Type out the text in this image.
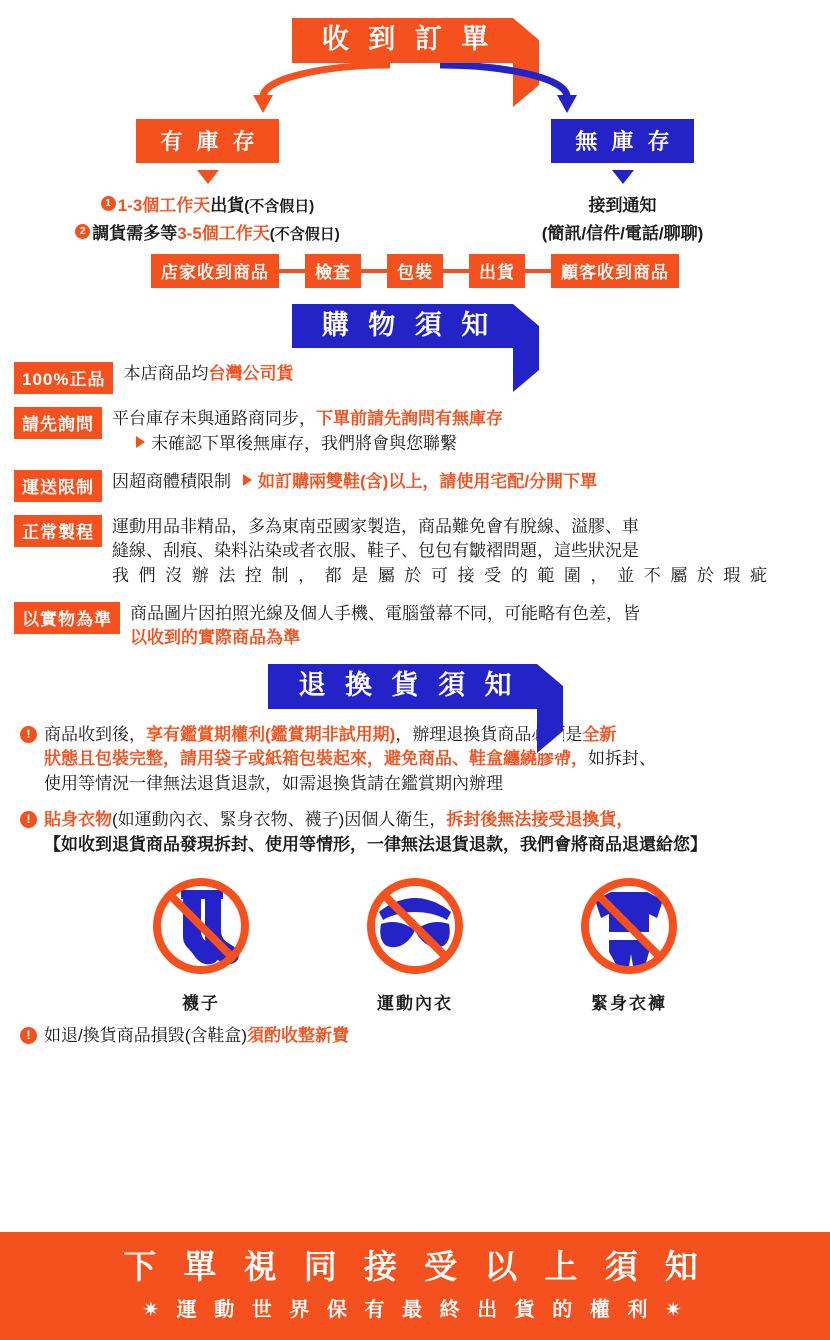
收 到 訂 單
有 庫 存	無 庫 存
1 1-3個工作天出貨(不含假日)
2 調貨需多等3-5個工作天(不含假日)
接到通知
(簡訊/信件/電話/聊聊)
店家收到商品	檢查	包裝	出貨	顧客收到商品
購 物 須 知
100%正品	本店商品均台灣公司貨
請先詢問	平台庫存未與通路商同步，下單前請先詢問有無庫存
未確認下單後無庫存，我們將會與您聯繫
運送限制	因超商體積限制 如訂購兩雙鞋(含)以上，請使用宅配/分開下單
正常製程	運動用品非精品，多為東南亞國家製造，商品難免會有脫線、溢膠、車
縫線、刮痕、染料沾染或者衣服、鞋子、包包有皺褶問題，這些狀況是
我們沒辦法控制，都是屬於可接受的範圍，並不屬於瑕疵
以實物為準	商品圖片因拍照光線及個人手機、電腦螢幕不同，可能略有色差，皆
以收到的實際商品為準
退 換 貨 須 知
! 商品收到後，享有鑑賞期權利(鑑賞期非試用期)，辦理退換貨商品必須是全新
狀態且包裝完整，請用袋子或紙箱包裝起來，避免商品、鞋盒纏繞膠帶，如拆封、
使用等情況一律無法退貨退款，如需退換貨請在鑑賞期內辦理
! 貼身衣物(如運動內衣、緊身衣物、襪子)因個人衛生，拆封後無法接受退換貨，
【如收到退貨商品發現拆封、使用等情形，一律無法退貨退款，我們會將商品退還給您】
襪子	運動內衣	緊身衣褲
! 如退/換貨商品損毀(含鞋盒)須酌收整新費
下 單 視 同 接 受 以 上 須 知
✷ 運 動 世 界 保 有 最 終 出 貨 的 權 利 ✷
